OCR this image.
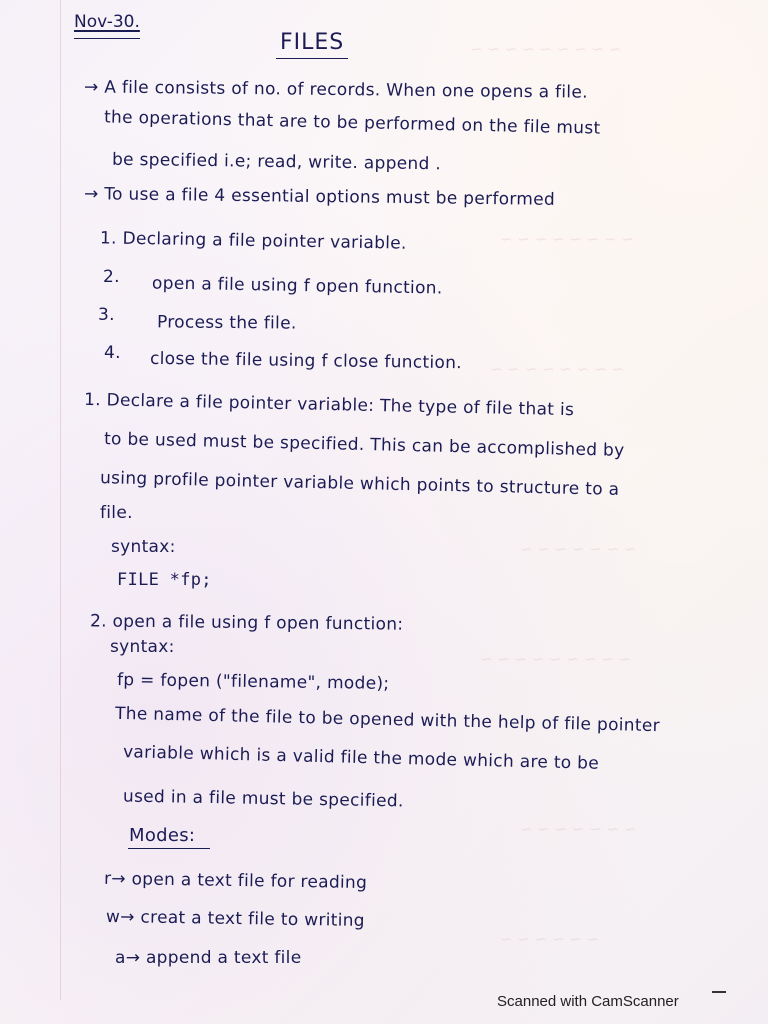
~ ~ ~ ~ ~ ~ ~ ~ ~
~ ~ ~ ~ ~ ~ ~ ~
~ ~ ~ ~ ~ ~ ~ ~
~ ~ ~ ~ ~ ~ ~
~ ~ ~ ~ ~ ~ ~ ~ ~
~ ~ ~ ~ ~ ~ ~
~ ~ ~ ~ ~ ~
Nov-30.
FILES
→ A file consists of no. of records. When one opens a file.
the operations that are to be performed on the file must
be specified i.e; read, write. append .
→ To use a file 4 essential options must be performed
1. Declaring a file pointer variable.
2. open a file using f open function.
3. Process the file.
4. close the file using f close function.
1. Declare a file pointer variable: The type of file that is
to be used must be specified. This can be accomplished by
using profile pointer variable which points to structure to a
file.
syntax:
FILE *fp;
2. open a file using f open function:
syntax:
fp = fopen ("filename", mode);
The name of the file to be opened with the help of file pointer
variable which is a valid file the mode which are to be
used in a file must be specified.
Modes:
r→ open a text file for reading
w→ creat a text file to writing
a→ append a text file
Scanned with CamScanner
